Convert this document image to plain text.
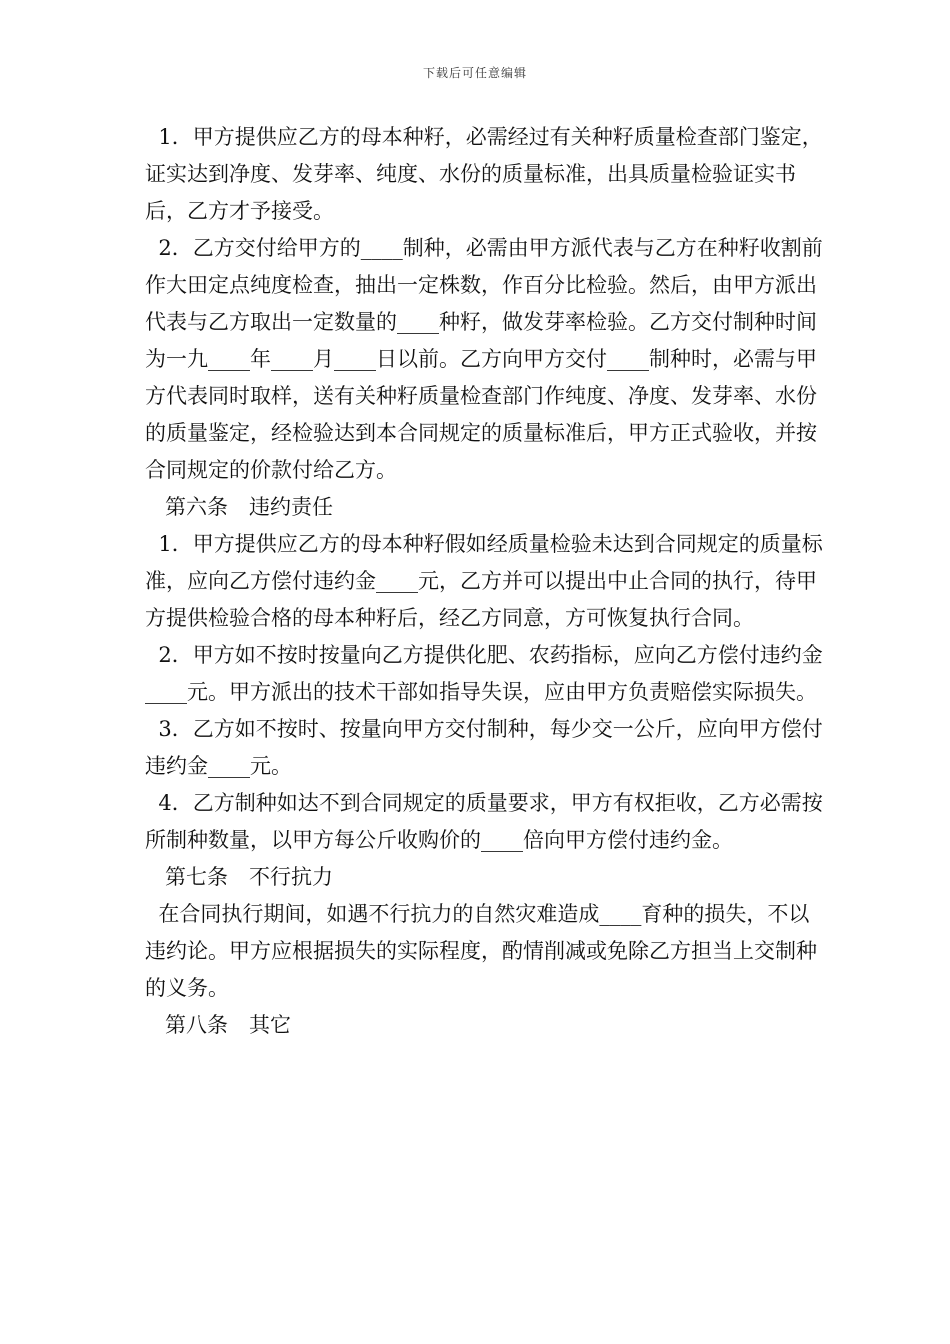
下载后可任意编辑

1．甲方提供应乙方的母本种籽，必需经过有关种籽质量检查部门鉴定，证实达到净度、发芽率、纯度、水份的质量标准，出具质量检验证实书后，乙方才予接受。

2．乙方交付给甲方的____制种，必需由甲方派代表与乙方在种籽收割前作大田定点纯度检查，抽出一定株数，作百分比检验。然后，由甲方派出代表与乙方取出一定数量的____种籽，做发芽率检验。乙方交付制种时间为一九____年____月____日以前。乙方向甲方交付____制种时，必需与甲方代表同时取样，送有关种籽质量检查部门作纯度、净度、发芽率、水份的质量鉴定，经检验达到本合同规定的质量标准后，甲方正式验收，并按合同规定的价款付给乙方。

第六条　违约责任

1．甲方提供应乙方的母本种籽假如经质量检验未达到合同规定的质量标准，应向乙方偿付违约金____元，乙方并可以提出中止合同的执行，待甲方提供检验合格的母本种籽后，经乙方同意，方可恢复执行合同。

2．甲方如不按时按量向乙方提供化肥、农药指标，应向乙方偿付违约金____元。甲方派出的技术干部如指导失误，应由甲方负责赔偿实际损失。

3．乙方如不按时、按量向甲方交付制种，每少交一公斤，应向甲方偿付违约金____元。

4．乙方制种如达不到合同规定的质量要求，甲方有权拒收，乙方必需按所制种数量，以甲方每公斤收购价的____倍向甲方偿付违约金。

第七条　不行抗力

在合同执行期间，如遇不行抗力的自然灾难造成____育种的损失，不以违约论。甲方应根据损失的实际程度，酌情削减或免除乙方担当上交制种的义务。

第八条　其它
